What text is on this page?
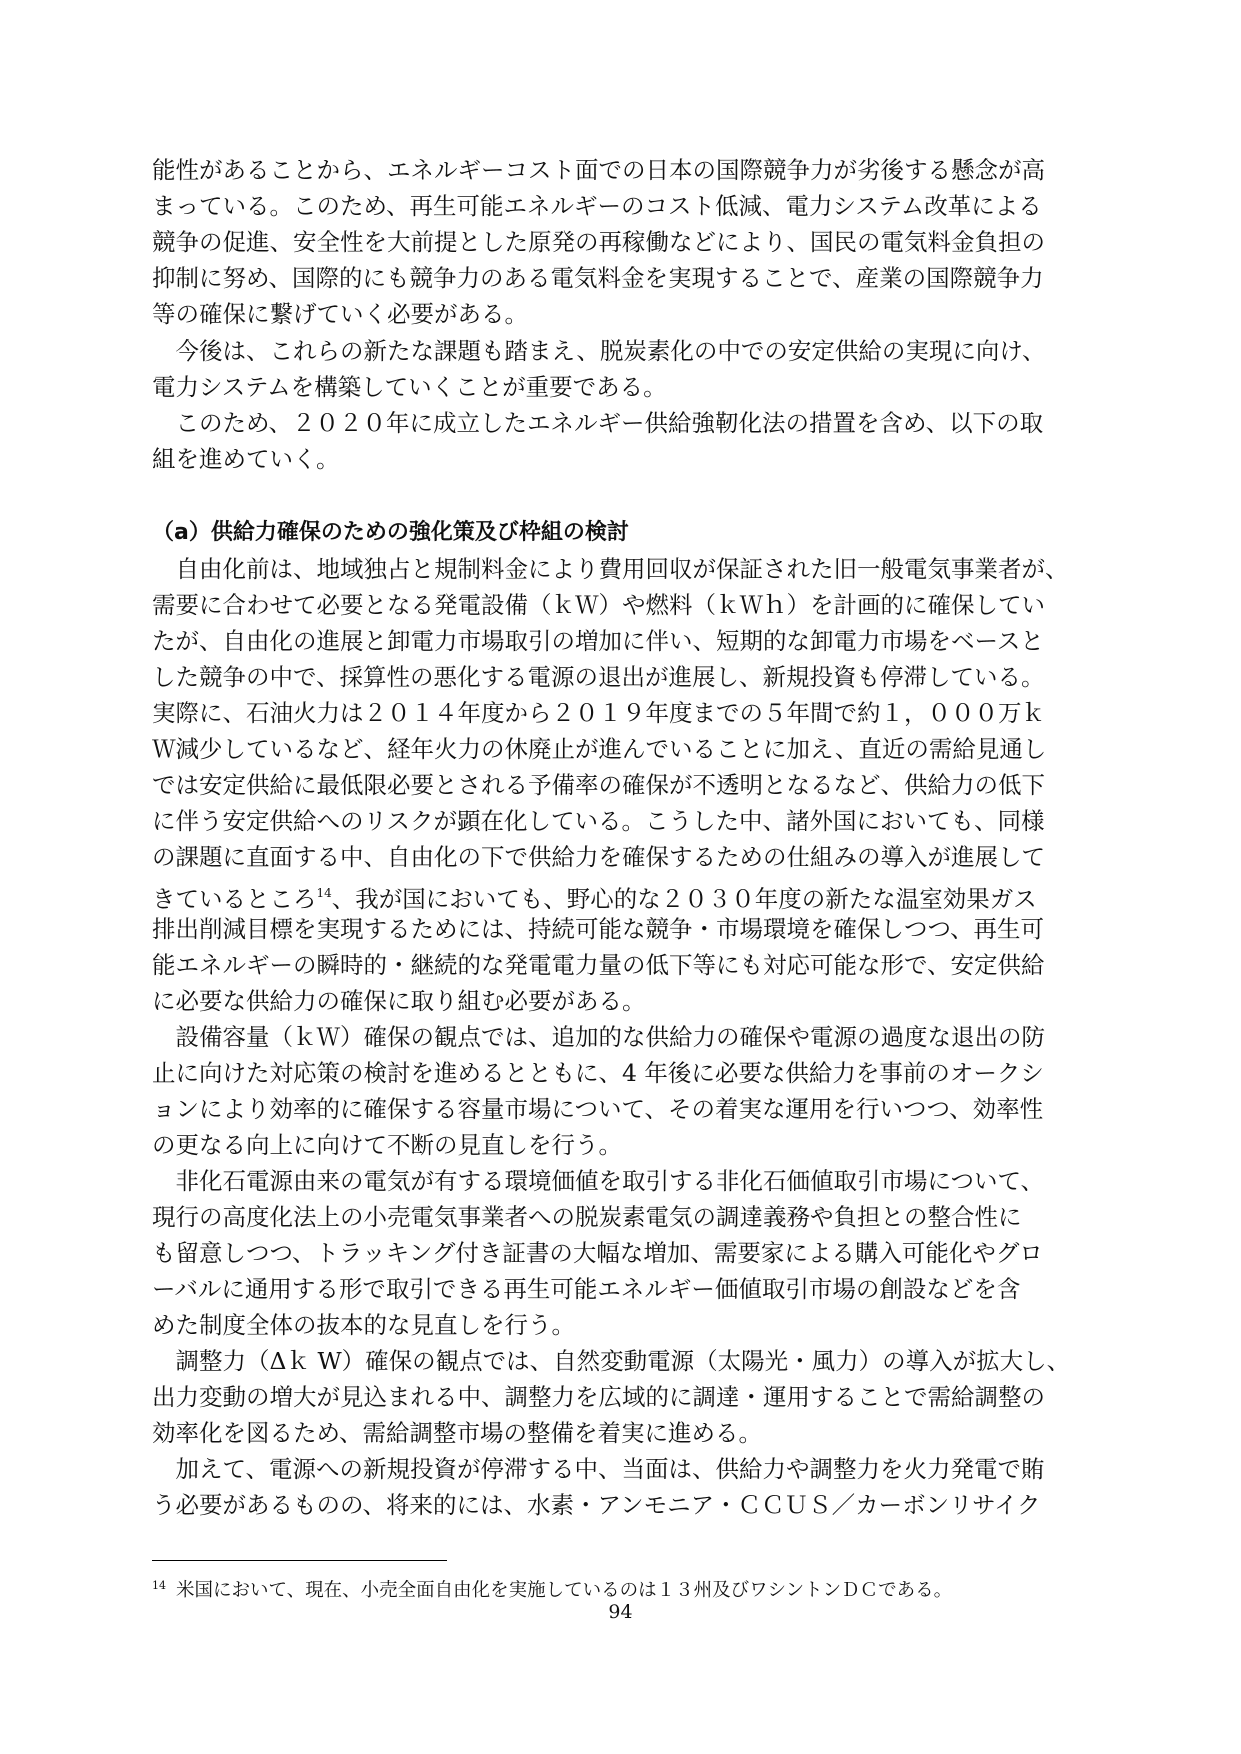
能性があることから、エネルギーコスト面での日本の国際競争力が劣後する懸念が高
まっている。このため、再生可能エネルギーのコスト低減、電力システム改革による
競争の促進、安全性を大前提とした原発の再稼働などにより、国民の電気料金負担の
抑制に努め、国際的にも競争力のある電気料金を実現することで、産業の国際競争力
等の確保に繋げていく必要がある。
　今後は、これらの新たな課題も踏まえ、脱炭素化の中での安定供給の実現に向け、
電力システムを構築していくことが重要である。
　このため、２０２０年に成立したエネルギー供給強靭化法の措置を含め、以下の取
組を進めていく。
（a）供給力確保のための強化策及び枠組の検討
　自由化前は、地域独占と規制料金により費用回収が保証された旧一般電気事業者が、
需要に合わせて必要となる発電設備（ｋＷ）や燃料（ｋＷｈ）を計画的に確保してい
たが、自由化の進展と卸電力市場取引の増加に伴い、短期的な卸電力市場をベースと
した競争の中で、採算性の悪化する電源の退出が進展し、新規投資も停滞している。
実際に、石油火力は２０１４年度から２０１９年度までの５年間で約１，０００万ｋ
Ｗ減少しているなど、経年火力の休廃止が進んでいることに加え、直近の需給見通し
では安定供給に最低限必要とされる予備率の確保が不透明となるなど、供給力の低下
に伴う安定供給へのリスクが顕在化している。こうした中、諸外国においても、同様
の課題に直面する中、自由化の下で供給力を確保するための仕組みの導入が進展して
きているところ$^{14}$、我が国においても、野心的な２０３０年度の新たな温室効果ガス
排出削減目標を実現するためには、持続可能な競争・市場環境を確保しつつ、再生可
能エネルギーの瞬時的・継続的な発電電力量の低下等にも対応可能な形で、安定供給
に必要な供給力の確保に取り組む必要がある。
　設備容量（ｋＷ）確保の観点では、追加的な供給力の確保や電源の過度な退出の防
止に向けた対応策の検討を進めるとともに、4 年後に必要な供給力を事前のオークシ
ョンにより効率的に確保する容量市場について、その着実な運用を行いつつ、効率性
の更なる向上に向けて不断の見直しを行う。
　非化石電源由来の電気が有する環境価値を取引する非化石価値取引市場について、
現行の高度化法上の小売電気事業者への脱炭素電気の調達義務や負担との整合性に
も留意しつつ、トラッキング付き証書の大幅な増加、需要家による購入可能化やグロ
ーバルに通用する形で取引できる再生可能エネルギー価値取引市場の創設などを含
めた制度全体の抜本的な見直しを行う。
　調整力（Δｋ W）確保の観点では、自然変動電源（太陽光・風力）の導入が拡大し、
出力変動の増大が見込まれる中、調整力を広域的に調達・運用することで需給調整の
効率化を図るため、需給調整市場の整備を着実に進める。
　加えて、電源への新規投資が停滞する中、当面は、供給力や調整力を火力発電で賄
う必要があるものの、将来的には、水素・アンモニア・ＣＣＵＳ／カーボンリサイク
$^{14}$ 米国において、現在、小売全面自由化を実施しているのは１３州及びワシントンＤＣである。
94
